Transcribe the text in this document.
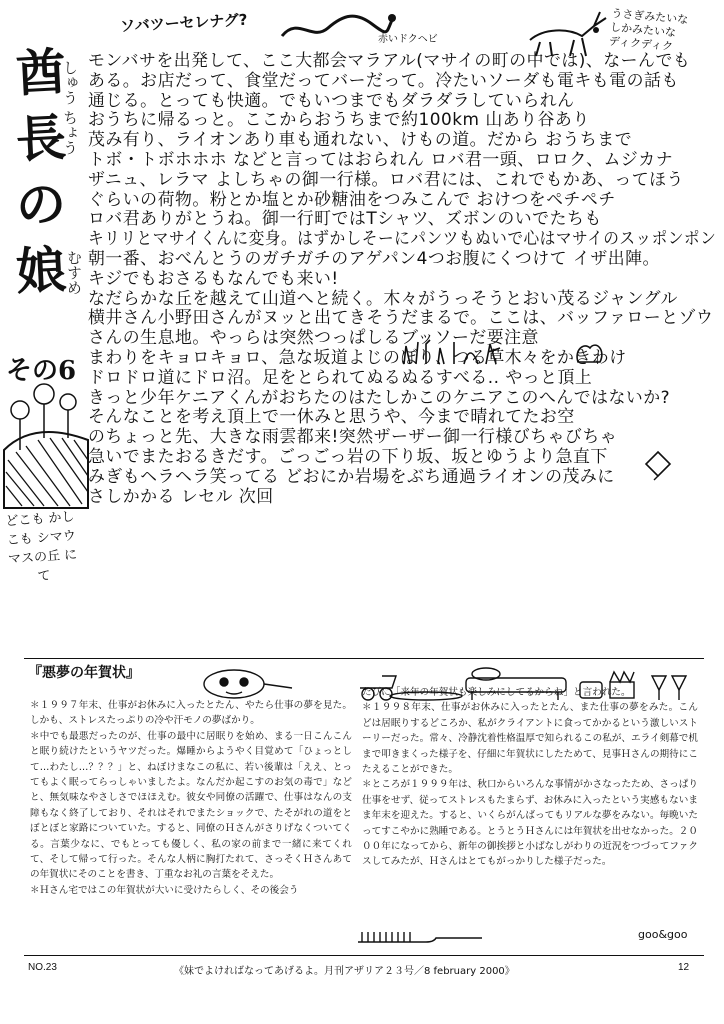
ソバツーセレナグ?
赤いドクヘビ
うさぎみたいな
しかみたいな
ディクディク
酋
長
の
娘
しゅう ちょう
むすめ
その6
どこも かしこも シマウマスの丘 にて
モンバサを出発して、ここ大都会マラアル(マサイの町の中では)、なーんでも
ある。お店だって、食堂だってバーだって。冷たいソーダも電キも電の話も
通じる。とっても快適。でもいつまでもダラダラしていられん
おうちに帰るっと。ここからおうちまで約100km 山あり谷あり
茂み有り、ライオンあり車も通れない、けもの道。だから おうちまで
トボ・トボホホホ などと言ってはおられん ロバ君一頭、ロロク、ムジカナ
ザニュ、レラマ よしちゃの御一行様。ロバ君には、これでもかあ、ってほう
ぐらいの荷物。粉とか塩とか砂糖油をつみこんで おけつをペチペチ
ロバ君ありがとうね。御一行町ではTシャツ、ズボンのいでたちも
キリリとマサイくんに変身。はずかしそーにパンツもぬいで心はマサイのスッポンポン
朝一番、おべんとうのガチガチのアゲパン4つお腹にくつけて イザ出陣。
キジでもおさるもなんでも来い!
なだらかな丘を越えて山道へと続く。木々がうっそうとおい茂るジャングル
横井さん小野田さんがヌッと出てきそうだまるで。ここは、バッファローとゾウ
さんの生息地。やっらは突然つっぱしるブッソーだ要注意
まわりをキョロキョロ、急な坂道よじのぼり、つる草木々をかきわけ
ドロドロ道にドロ沼。足をとられてぬるぬるすべる.. やっと頂上
きっと少年ケニアくんがおちたのはたしかこのケニアこのへんではないか?
そんなことを考え頂上で一休みと思うや、今まで晴れてたお空
のちょっと先、大きな雨雲都来!突然ザーザー御一行様びちゃびちゃ
急いでまたおるきだす。ごっごっ岩の下り坂、坂とゆうより急直下
みぎもヘラヘラ笑ってる どおにか岩場をぶち通過ライオンの茂みに
さしかかる レセル 次回
『悪夢の年賀状』

＊１９９７年末、仕事がお休みに入ったとたん、やたら仕事の夢を見た。しかも、ストレスたっぷりの冷や汗モノの夢ばかり。

＊中でも最悪だったのが、仕事の最中に居眠りを始め、まる一日こんこんと眠り続けたというヤツだった。爆睡からようやく目覚めて「ひょっとして…わたし…？？？」と、ねぼけまなこの私に、若い後輩は「ええ、とってもよく眠ってらっしゃいましたよ。なんだか起こすのお気の毒で」などと、無気味なやさしさでほほえむ。彼女や同僚の活躍で、仕事はなんの支障もなく終了しており、それはそれでまたショックで、たそがれの道をとぼとぼと家路についていた。すると、同僚のＨさんがさりげなくついてくる。言葉少なに、でもとっても優しく、私の家の前まで一緒に来てくれて、そして帰って行った。そんな人柄に胸打たれて、さっそくＨさんあての年賀状にそのことを書き、丁重なお礼の言葉をそえた。

＊Ｈさん宅ではこの年賀状が大いに受けたらしく、その後会う

たびに「来年の年賀状も楽しみにしてるからね」と言われた。

＊１９９８年末、仕事がお休みに入ったとたん、また仕事の夢をみた。こんどは居眠りするどころか、私がクライアントに食ってかかるという激しいストーリーだった。常々、冷静沈着性格温厚で知られるこの私が、エライ剣幕で机まで叩きまくった様子を、仔細に年賀状にしたためて、見事Ｈさんの期待にこたえることができた。

＊ところが１９９９年は、秋口からいろんな事情がかさなったため、さっぱり仕事をせず、従ってストレスもたまらず、お休みに入ったという実感もないまま年末を迎えた。すると、いくらがんばってもリアルな夢をみない。毎晩いたってすこやかに熟睡である。とうとうＨさんには年賀状を出せなかった。２０００年になってから、新年の御挨拶と小ばなしがわりの近況をつづってファクスしてみたが、Ｈさんはとてもがっかりした様子だった。

goo&goo
NO.23	《妹でよければなってあげるよ。月刊アザリア２３号／8 february 2000》	12
